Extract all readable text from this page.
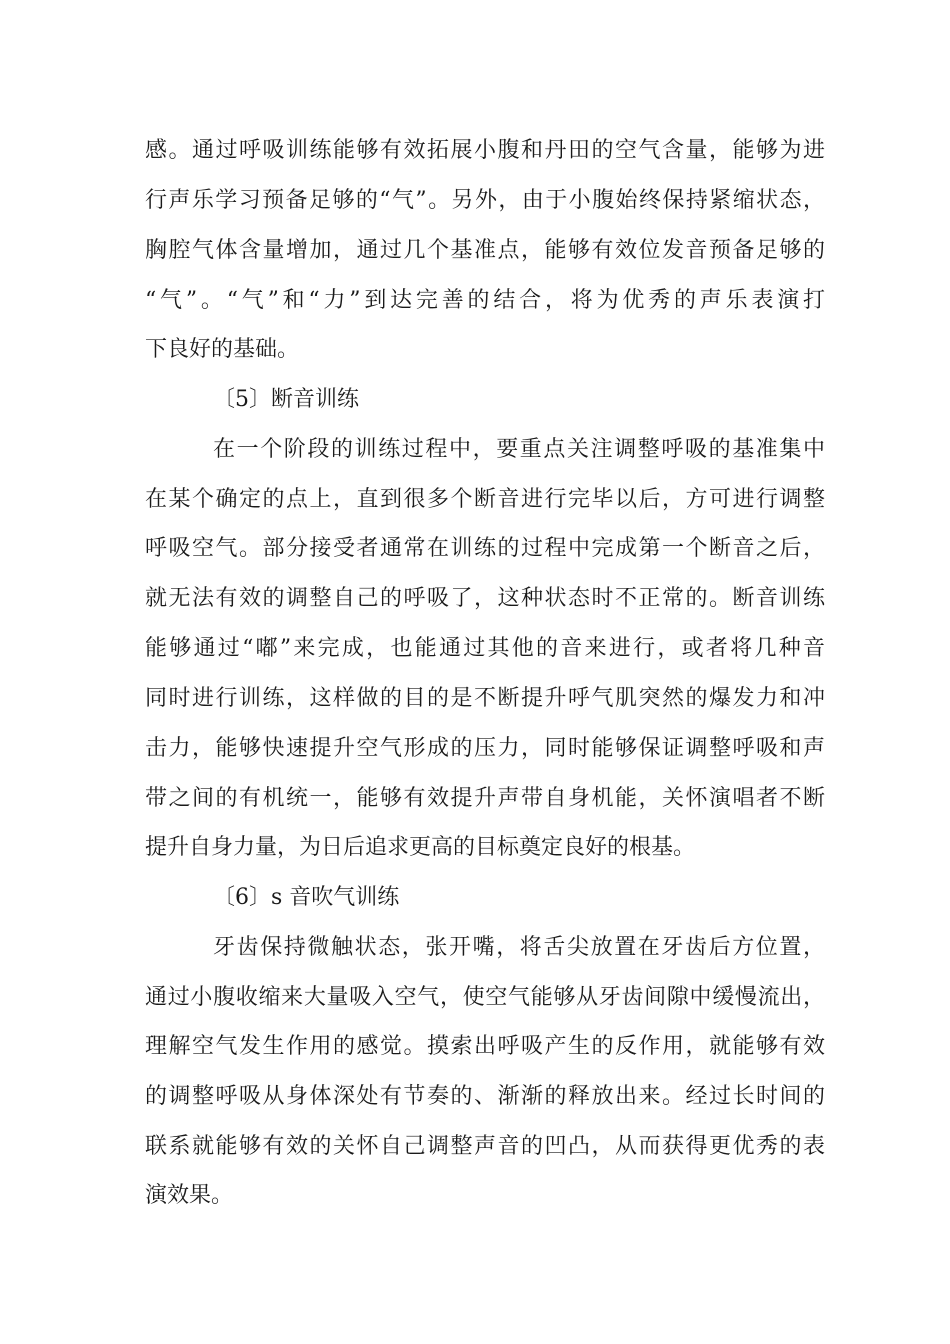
感。通过呼吸训练能够有效拓展小腹和丹田的空气含量，能够为进
行声乐学习预备足够的“气”。另外，由于小腹始终保持紧缩状态，
胸腔气体含量增加，通过几个基准点，能够有效位发音预备足够的
“气”。“气”和“力”到达完善的结合，将为优秀的声乐表演打
下良好的基础。
〔5〕断音训练
在一个阶段的训练过程中，要重点关注调整呼吸的基准集中
在某个确定的点上，直到很多个断音进行完毕以后，方可进行调整
呼吸空气。部分接受者通常在训练的过程中完成第一个断音之后，
就无法有效的调整自己的呼吸了，这种状态时不正常的。断音训练
能够通过“嘟”来完成，也能通过其他的音来进行，或者将几种音
同时进行训练，这样做的目的是不断提升呼气肌突然的爆发力和冲
击力，能够快速提升空气形成的压力，同时能够保证调整呼吸和声
带之间的有机统一，能够有效提升声带自身机能，关怀演唱者不断
提升自身力量，为日后追求更高的目标奠定良好的根基。
〔6〕s 音吹气训练
牙齿保持微触状态，张开嘴，将舌尖放置在牙齿后方位置，
通过小腹收缩来大量吸入空气，使空气能够从牙齿间隙中缓慢流出，
理解空气发生作用的感觉。摸索出呼吸产生的反作用，就能够有效
的调整呼吸从身体深处有节奏的、渐渐的释放出来。经过长时间的
联系就能够有效的关怀自己调整声音的凹凸，从而获得更优秀的表
演效果。
